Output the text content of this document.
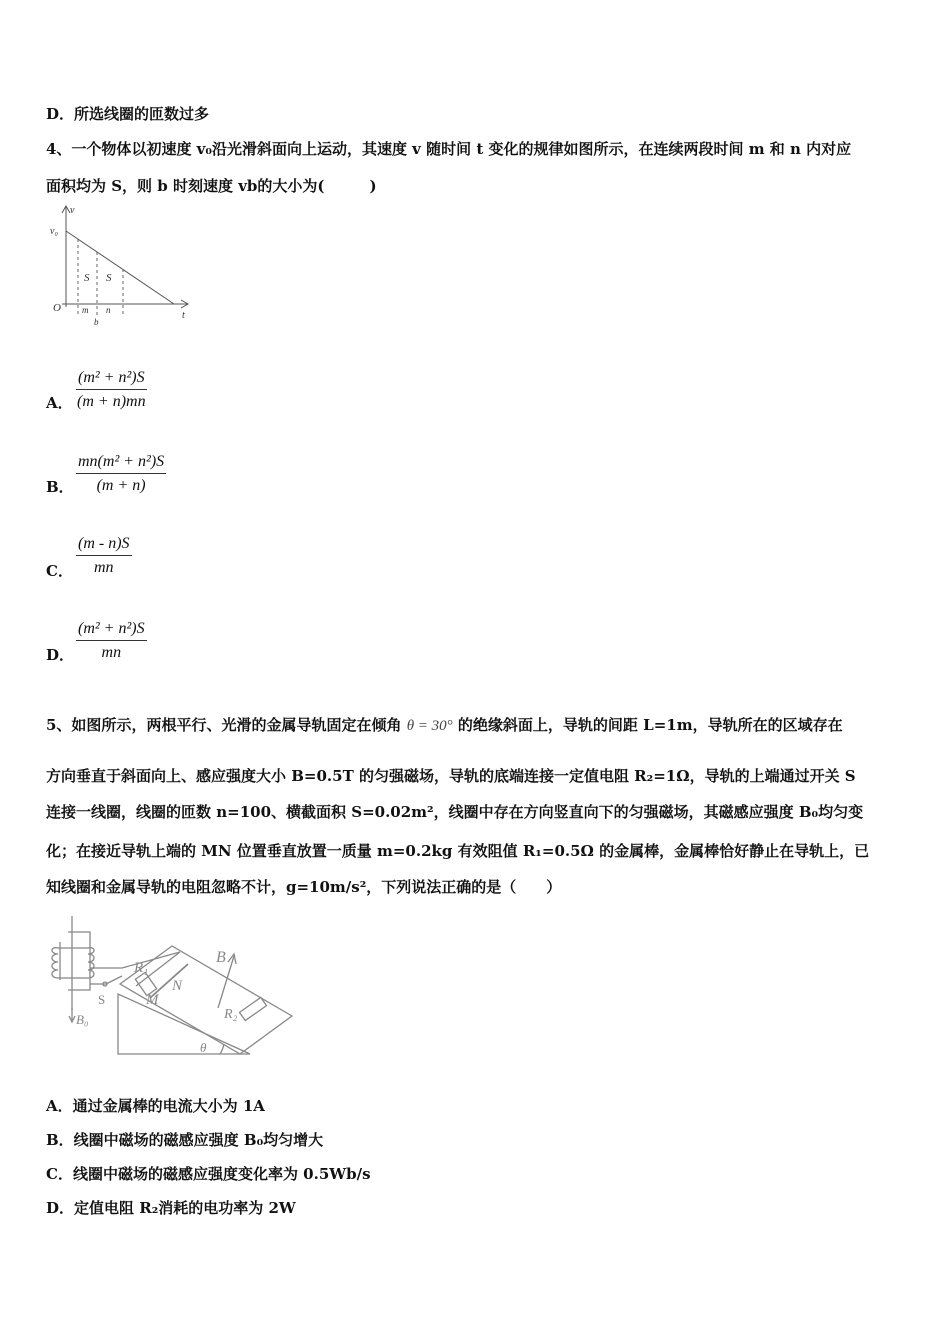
D．所选线圈的匝数过多
4、一个物体以初速度 v₀沿光滑斜面向上运动，其速度 v 随时间 t 变化的规律如图所示，在连续两段时间 m 和 n 内对应
面积均为 S，则 b 时刻速度 vb的大小为(　　　)
v
v₀
O
t
S S
m n
b
A． $\frac{\text{(m² + n²)S}}{(m + n)mn}$
B． $\frac{\text{mn(m² + n²)S}}{(m + n)}$
C． $\frac{(m - n)S}{mn}$
D． $\frac{\text{(m² + n²)S}}{mn}$
5、如图所示，两根平行、光滑的金属导轨固定在倾角 θ = 30° 的绝缘斜面上，导轨的间距 L=1m，导轨所在的区域存在
方向垂直于斜面向上、感应强度大小 B=0.5T 的匀强磁场，导轨的底端连接一定值电阻 R₂=1Ω，导轨的上端通过开关 S
连接一线圈，线圈的匝数 n=100、横截面积 S=0.02m²，线圈中存在方向竖直向下的匀强磁场，其磁感应强度 B₀均匀变
化；在接近导轨上端的 MN 位置垂直放置一质量 m=0.2kg 有效阻值 R₁=0.5Ω 的金属棒，金属棒恰好静止在导轨上，已
知线圈和金属导轨的电阻忽略不计，g=10m/s²，下列说法正确的是（　　）
B
B₀
R₁
R₂
M
N
S
θ
A．通过金属棒的电流大小为 1A
B．线圈中磁场的磁感应强度 B₀均匀增大
C．线圈中磁场的磁感应强度变化率为 0.5Wb/s
D．定值电阻 R₂消耗的电功率为 2W
